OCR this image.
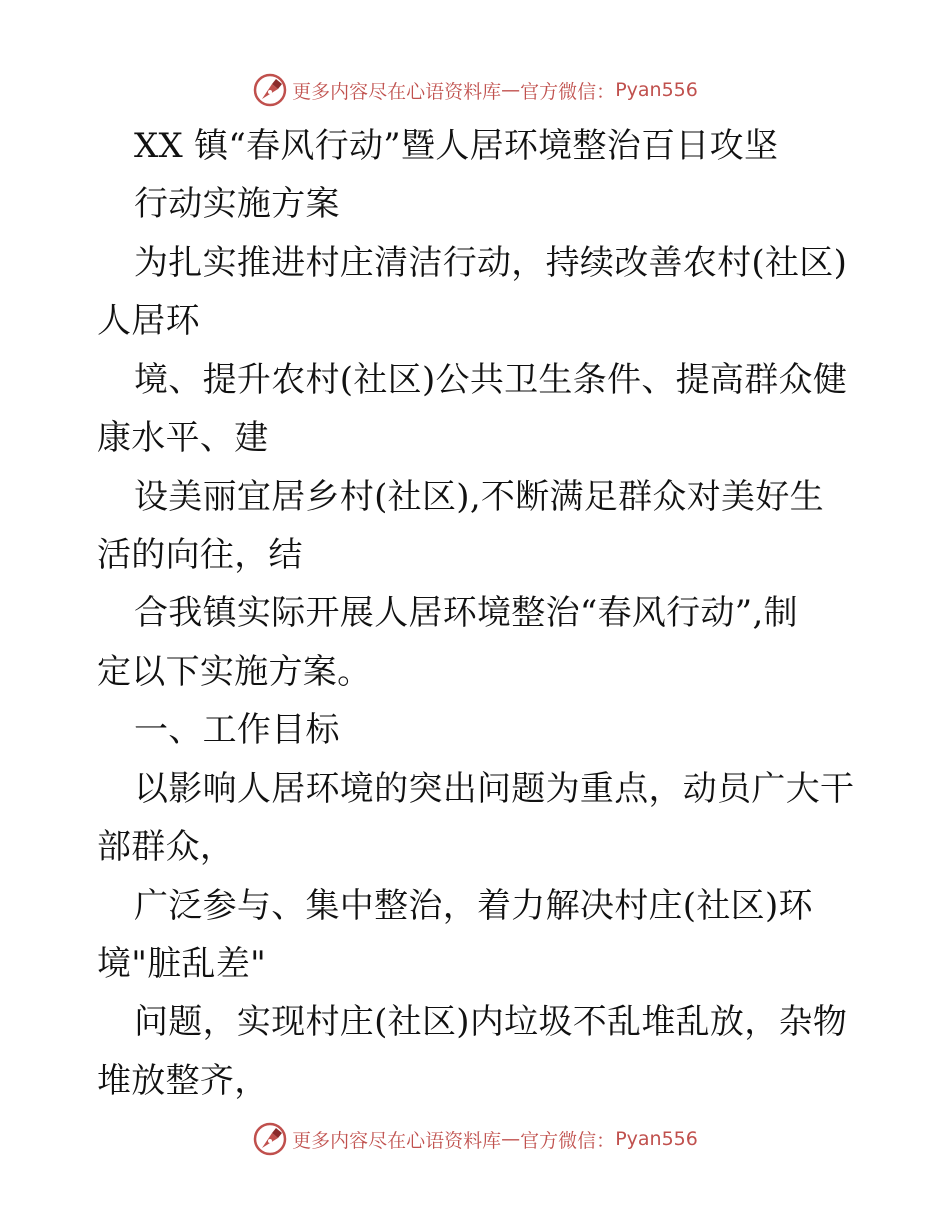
更多内容尽在心语资料库 — 官方微信： Pyan556
XX 镇“春风行动”暨人居环境整治百日攻坚
行动实施方案
为扎实推进村庄清洁行动，持续改善农村(社区)
人居环
境、提升农村(社区)公共卫生条件、提高群众健
康水平、建
设美丽宜居乡村(社区),不断满足群众对美好生
活的向往，结
合我镇实际开展人居环境整治“春风行动”,制
定以下实施方案。
一、工作目标
以影响人居环境的突出问题为重点，动员广大干
部群众，
广泛参与、集中整治，着力解决村庄(社区)环
境"脏乱差"
问题，实现村庄(社区)内垃圾不乱堆乱放，杂物
堆放整齐，
更多内容尽在心语资料库 — 官方微信： Pyan556
